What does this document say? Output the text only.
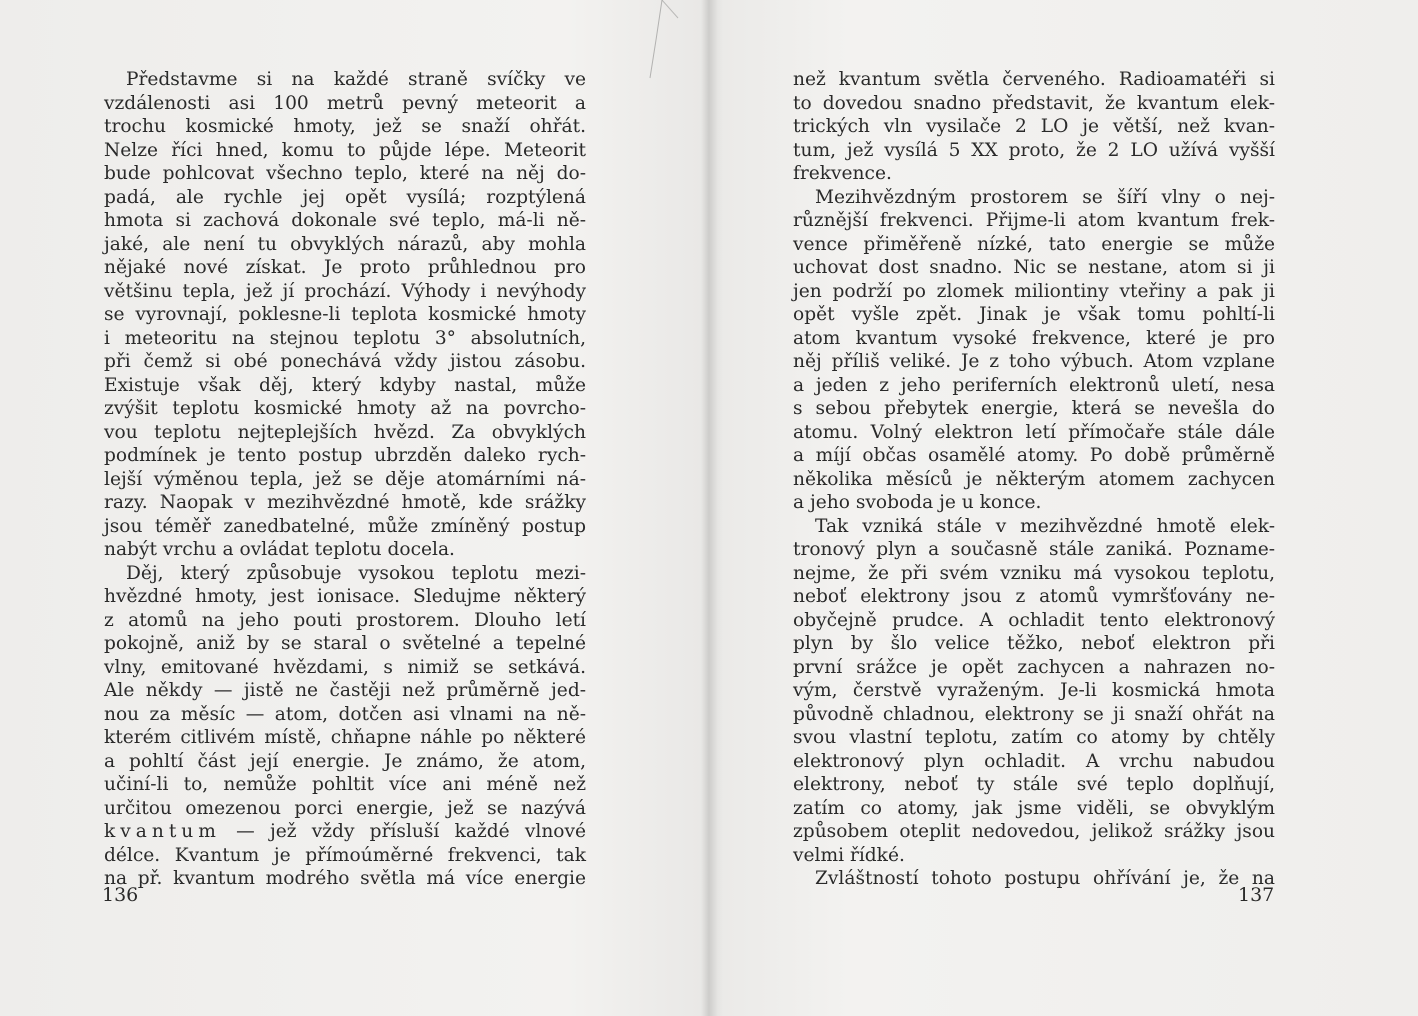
Představme si na každé straně svíčky ve
vzdálenosti asi 100 metrů pevný meteorit a
trochu kosmické hmoty, jež se snaží ohřát.
Nelze říci hned, komu to půjde lépe. Meteorit
bude pohlcovat všechno teplo, které na něj do-
padá, ale rychle jej opět vysílá; rozptýlená
hmota si zachová dokonale své teplo, má-li ně-
jaké, ale není tu obvyklých nárazů, aby mohla
nějaké nové získat. Je proto průhlednou pro
většinu tepla, jež jí prochází. Výhody i nevýhody
se vyrovnají, poklesne-li teplota kosmické hmoty
i meteoritu na stejnou teplotu 3° absolutních,
při čemž si obé ponechává vždy jistou zásobu.
Existuje však děj, který kdyby nastal, může
zvýšit teplotu kosmické hmoty až na povrcho-
vou teplotu nejteplejších hvězd. Za obvyklých
podmínek je tento postup ubrzděn daleko rych-
lejší výměnou tepla, jež se děje atomárními ná-
razy. Naopak v mezihvězdné hmotě, kde srážky
jsou téměř zanedbatelné, může zmíněný postup
nabýt vrchu a ovládat teplotu docela.
Děj, který způsobuje vysokou teplotu mezi-
hvězdné hmoty, jest ionisace. Sledujme některý
z atomů na jeho pouti prostorem. Dlouho letí
pokojně, aniž by se staral o světelné a tepelné
vlny, emitované hvězdami, s nimiž se setkává.
Ale někdy — jistě ne častěji než průměrně jed-
nou za měsíc — atom, dotčen asi vlnami na ně-
kterém citlivém místě, chňapne náhle po některé
a pohltí část její energie. Je známo, že atom,
učiní-li to, nemůže pohltit více ani méně než
určitou omezenou porci energie, jež se nazývá
kvantum — jež vždy přísluší každé vlnové
délce. Kvantum je přímoúměrné frekvenci, tak
na př. kvantum modrého světla má více energie
než kvantum světla červeného. Radioamatéři si
to dovedou snadno představit, že kvantum elek-
trických vln vysilače 2 LO je větší, než kvan-
tum, jež vysílá 5 XX proto, že 2 LO užívá vyšší
frekvence.
Mezihvězdným prostorem se šíří vlny o nej-
různější frekvenci. Přijme-li atom kvantum frek-
vence přiměřeně nízké, tato energie se může
uchovat dost snadno. Nic se nestane, atom si ji
jen podrží po zlomek miliontiny vteřiny a pak ji
opět vyšle zpět. Jinak je však tomu pohltí-li
atom kvantum vysoké frekvence, které je pro
něj příliš veliké. Je z toho výbuch. Atom vzplane
a jeden z jeho periferních elektronů uletí, nesa
s sebou přebytek energie, která se nevešla do
atomu. Volný elektron letí přímočaře stále dále
a míjí občas osamělé atomy. Po době průměrně
několika měsíců je některým atomem zachycen
a jeho svoboda je u konce.
Tak vzniká stále v mezihvězdné hmotě elek-
tronový plyn a současně stále zaniká. Pozname-
nejme, že při svém vzniku má vysokou teplotu,
neboť elektrony jsou z atomů vymršťovány ne-
obyčejně prudce. A ochladit tento elektronový
plyn by šlo velice těžko, neboť elektron při
první srážce je opět zachycen a nahrazen no-
vým, čerstvě vyraženým. Je-li kosmická hmota
původně chladnou, elektrony se ji snaží ohřát na
svou vlastní teplotu, zatím co atomy by chtěly
elektronový plyn ochladit. A vrchu nabudou
elektrony, neboť ty stále své teplo doplňují,
zatím co atomy, jak jsme viděli, se obvyklým
způsobem oteplit nedovedou, jelikož srážky jsou
velmi řídké.
Zvláštností tohoto postupu ohřívání je, že na
136	137
